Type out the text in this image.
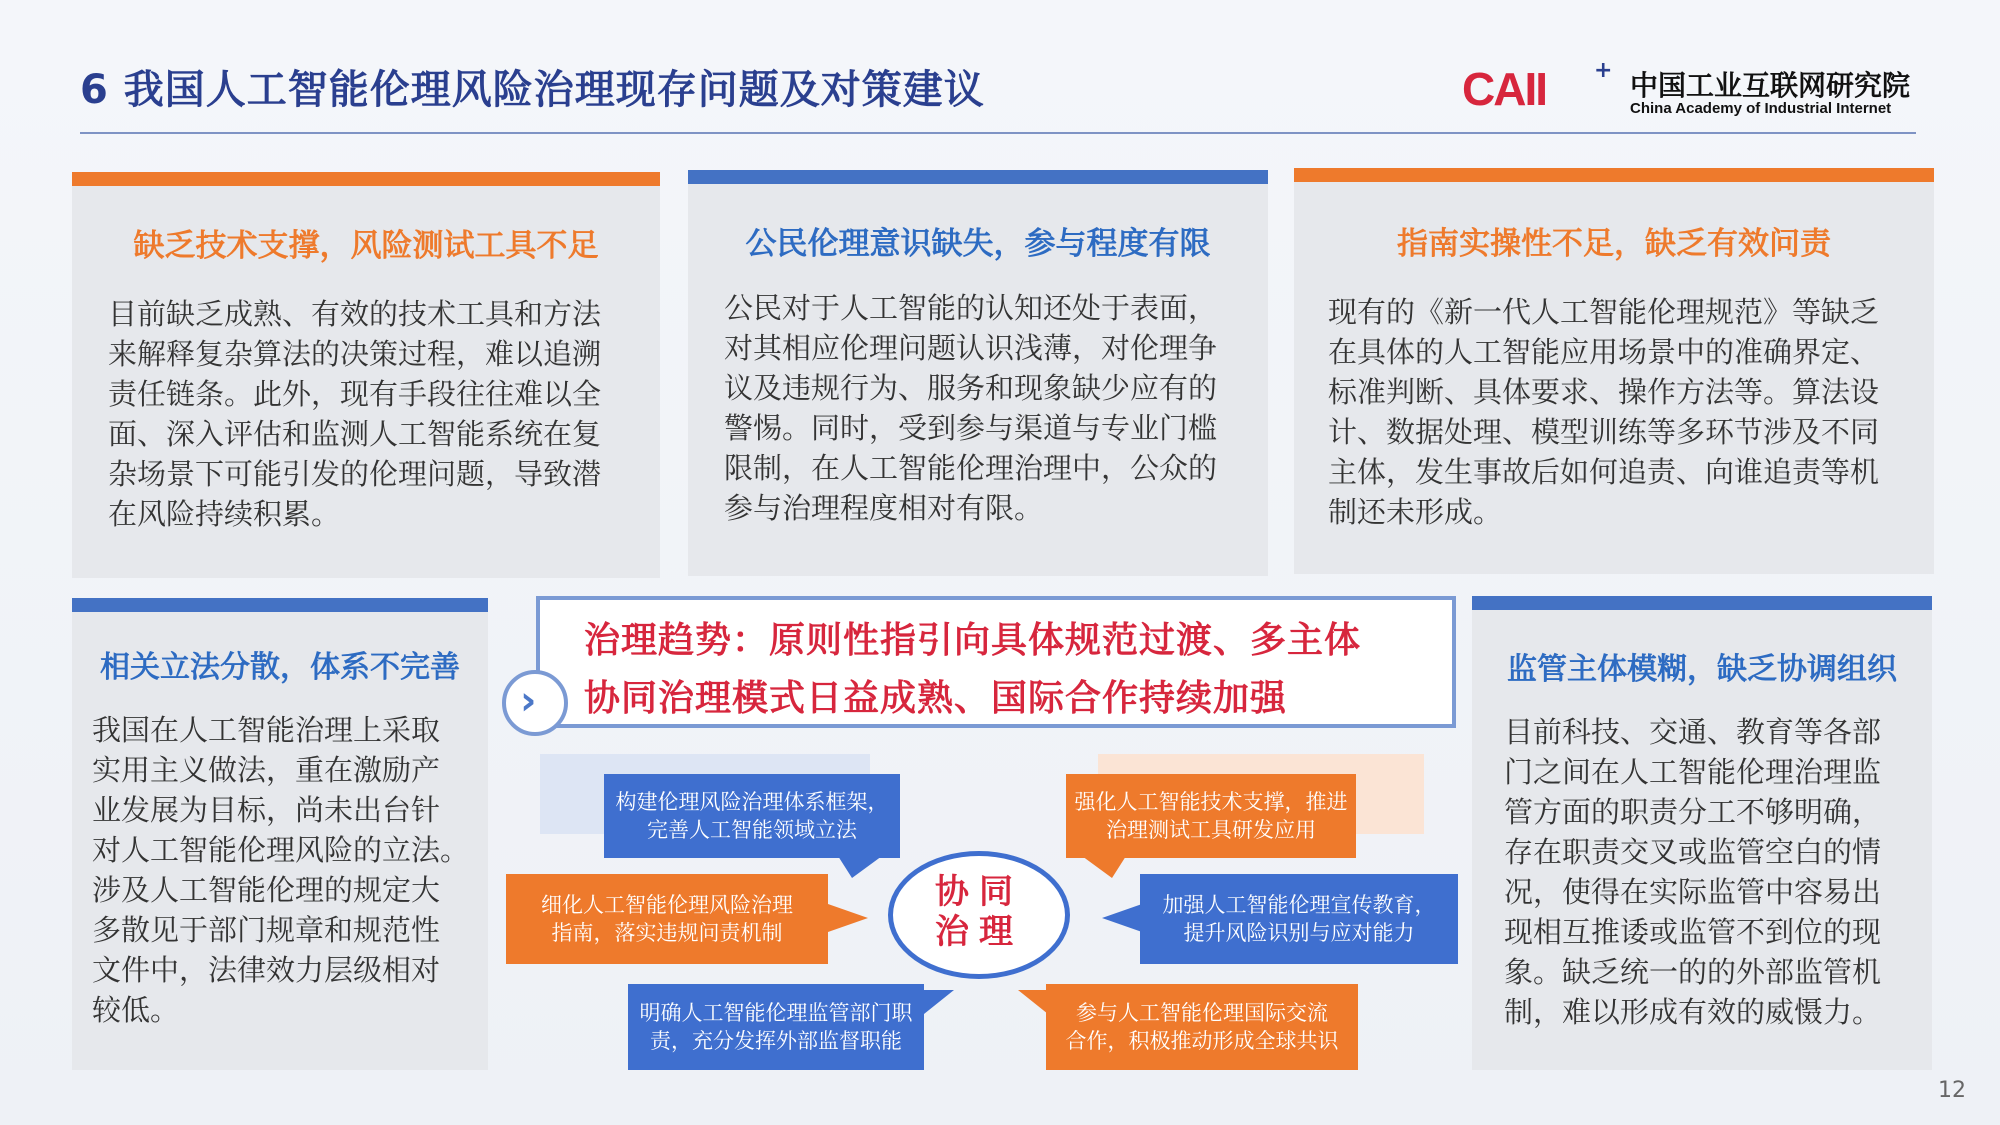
6 我国人工智能伦理风险治理现存问题及对策建议	CAII + 中国工业互联网研究院
China Academy of Industrial Internet
缺乏技术支撑，风险测试工具不足
目前缺乏成熟、有效的技术工具和方法
来解释复杂算法的决策过程，难以追溯
责任链条。此外，现有手段往往难以全
面、深入评估和监测人工智能系统在复
杂场景下可能引发的伦理问题，导致潜
在风险持续积累。
公民伦理意识缺失，参与程度有限
公民对于人工智能的认知还处于表面，
对其相应伦理问题认识浅薄，对伦理争
议及违规行为、服务和现象缺少应有的
警惕。同时，受到参与渠道与专业门槛
限制，在人工智能伦理治理中，公众的
参与治理程度相对有限。
指南实操性不足，缺乏有效问责
现有的《新一代人工智能伦理规范》等缺乏
在具体的人工智能应用场景中的准确界定、
标准判断、具体要求、操作方法等。算法设
计、数据处理、模型训练等多环节涉及不同
主体，发生事故后如何追责、向谁追责等机
制还未形成。
相关立法分散，体系不完善
我国在人工智能治理上采取
实用主义做法，重在激励产
业发展为目标，尚未出台针
对人工智能伦理风险的立法。
涉及人工智能伦理的规定大
多散见于部门规章和规范性
文件中，法律效力层级相对
较低。
监管主体模糊，缺乏协调组织
目前科技、交通、教育等各部
门之间在人工智能伦理治理监
管方面的职责分工不够明确，
存在职责交叉或监管空白的情
况，使得在实际监管中容易出
现相互推诿或监管不到位的现
象。缺乏统一的的外部监管机
制，难以形成有效的威慑力。
治理趋势：原则性指引向具体规范过渡、多主体
协同治理模式日益成熟、国际合作持续加强
›
构建伦理风险治理体系框架，
完善人工智能领域立法
强化人工智能技术支撑，推进
治理测试工具研发应用
细化人工智能伦理风险治理
指南，落实违规问责机制
加强人工智能伦理宣传教育，
提升风险识别与应对能力
明确人工智能伦理监管部门职
责，充分发挥外部监督职能
参与人工智能伦理国际交流
合作，积极推动形成全球共识
协同
治理
12
